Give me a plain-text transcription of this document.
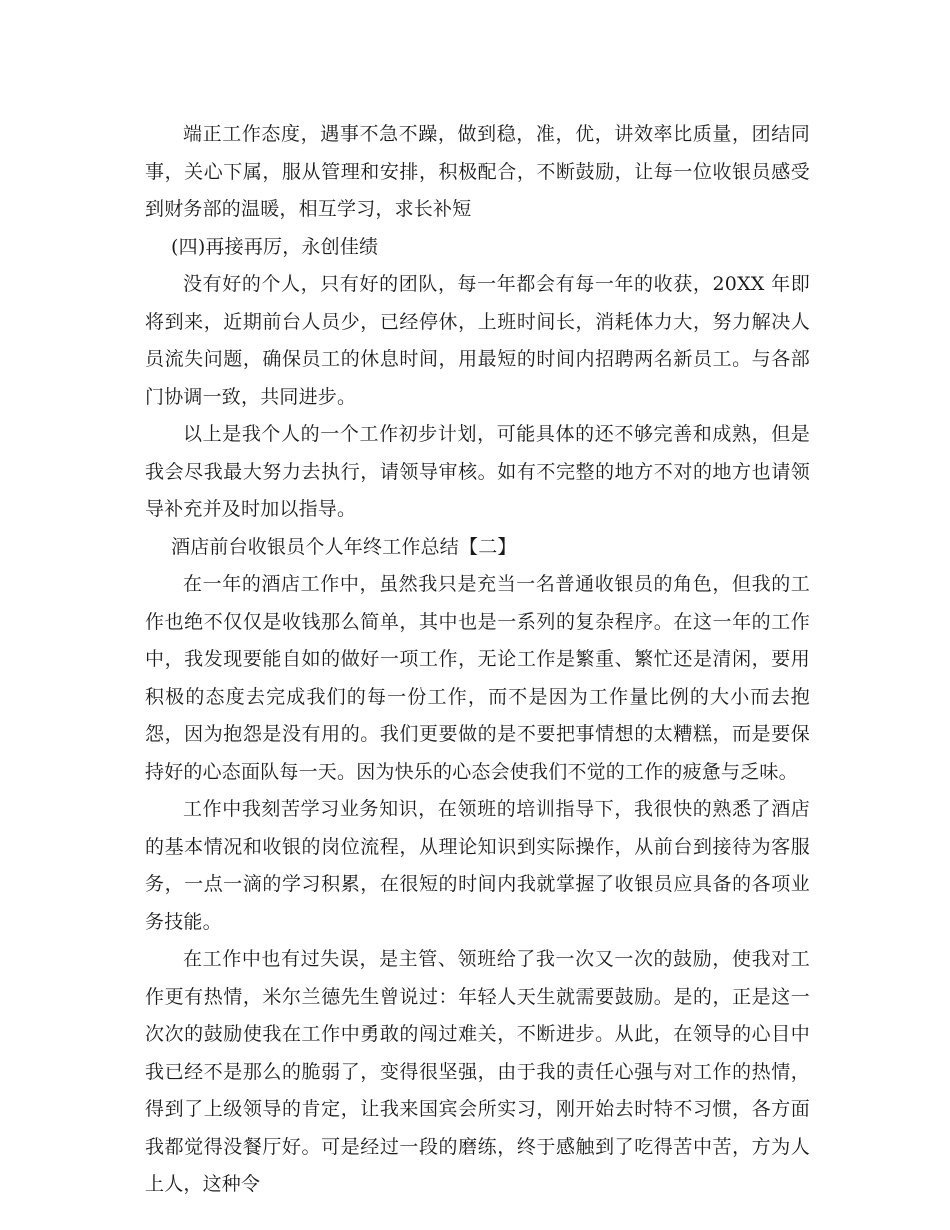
端正工作态度，遇事不急不躁，做到稳，准，优，讲效率比质量，团结同事，关心下属，服从管理和安排，积极配合，不断鼓励，让每一位收银员感受到财务部的温暖，相互学习，求长补短

(四)再接再厉，永创佳绩

没有好的个人，只有好的团队，每一年都会有每一年的收获，20XX 年即将到来，近期前台人员少，已经停休，上班时间长，消耗体力大，努力解决人员流失问题，确保员工的休息时间，用最短的时间内招聘两名新员工。与各部门协调一致，共同进步。

以上是我个人的一个工作初步计划，可能具体的还不够完善和成熟，但是我会尽我最大努力去执行，请领导审核。如有不完整的地方不对的地方也请领导补充并及时加以指导。

酒店前台收银员个人年终工作总结【二】

在一年的酒店工作中，虽然我只是充当一名普通收银员的角色，但我的工作也绝不仅仅是收钱那么简单，其中也是一系列的复杂程序。在这一年的工作中，我发现要能自如的做好一项工作，无论工作是繁重、繁忙还是清闲，要用积极的态度去完成我们的每一份工作，而不是因为工作量比例的大小而去抱怨，因为抱怨是没有用的。我们更要做的是不要把事情想的太糟糕，而是要保持好的心态面队每一天。因为快乐的心态会使我们不觉的工作的疲惫与乏味。

工作中我刻苦学习业务知识，在领班的培训指导下，我很快的熟悉了酒店的基本情况和收银的岗位流程，从理论知识到实际操作，从前台到接待为客服务，一点一滴的学习积累，在很短的时间内我就掌握了收银员应具备的各项业务技能。

在工作中也有过失误，是主管、领班给了我一次又一次的鼓励，使我对工作更有热情，米尔兰德先生曾说过：年轻人天生就需要鼓励。是的，正是这一次次的鼓励使我在工作中勇敢的闯过难关，不断进步。从此，在领导的心目中我已经不是那么的脆弱了，变得很坚强，由于我的责任心强与对工作的热情，得到了上级领导的肯定，让我来国宾会所实习，刚开始去时特不习惯，各方面我都觉得没餐厅好。可是经过一段的磨练，终于感触到了吃得苦中苦，方为人上人，这种令
